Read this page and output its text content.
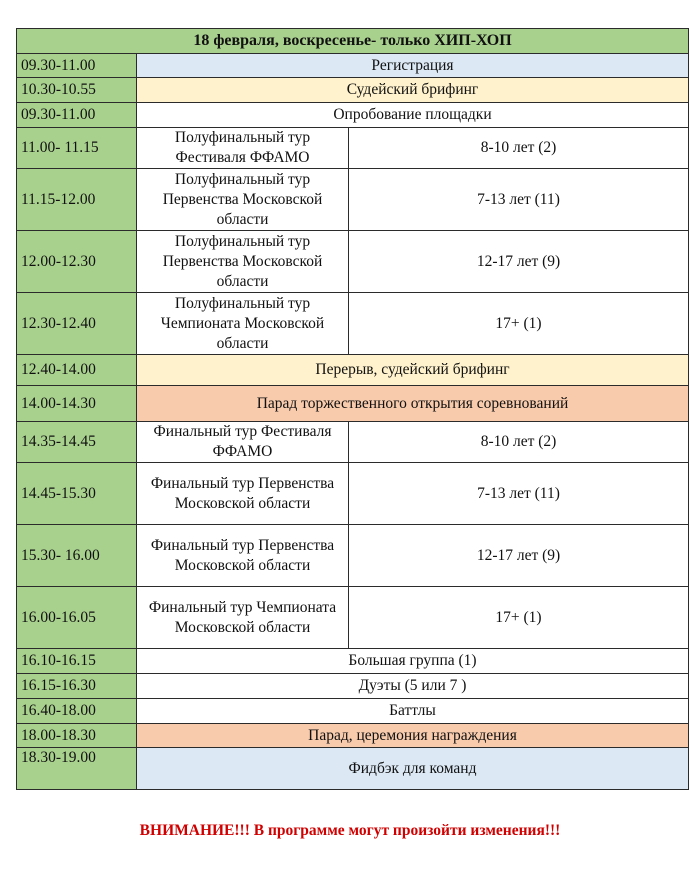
18 февраля, воскресенье- только ХИП-ХОП		
09.30-11.00	Регистрация	
10.30-10.55	Судейский брифинг	
09.30-11.00	Опробование площадки	
11.00- 11.15	Полуфинальный тур Фестиваля ФФАМО	8-10 лет (2)
11.15-12.00	Полуфинальный тур Первенства Московской области	7-13 лет (11)
12.00-12.30	Полуфинальный тур Первенства Московской области	12-17 лет (9)
12.30-12.40	Полуфинальный тур Чемпионата Московской области	17+ (1)
12.40-14.00	Перерыв, судейский брифинг	
14.00-14.30	Парад торжественного открытия соревнований	
14.35-14.45	Финальный тур Фестиваля ФФАМО	8-10 лет (2)
14.45-15.30	Финальный тур Первенства Московской области	7-13 лет (11)
15.30- 16.00	Финальный тур Первенства Московской области	12-17 лет (9)
16.00-16.05	Финальный тур Чемпионата Московской области	17+ (1)
16.10-16.15	Большая группа (1)	
16.15-16.30	Дуэты (5 или 7 )	
16.40-18.00	Баттлы	
18.00-18.30	Парад, церемония награждения	
18.30-19.00	Фидбэк для команд	
ВНИМАНИЕ!!! В программе могут произойти изменения!!!
